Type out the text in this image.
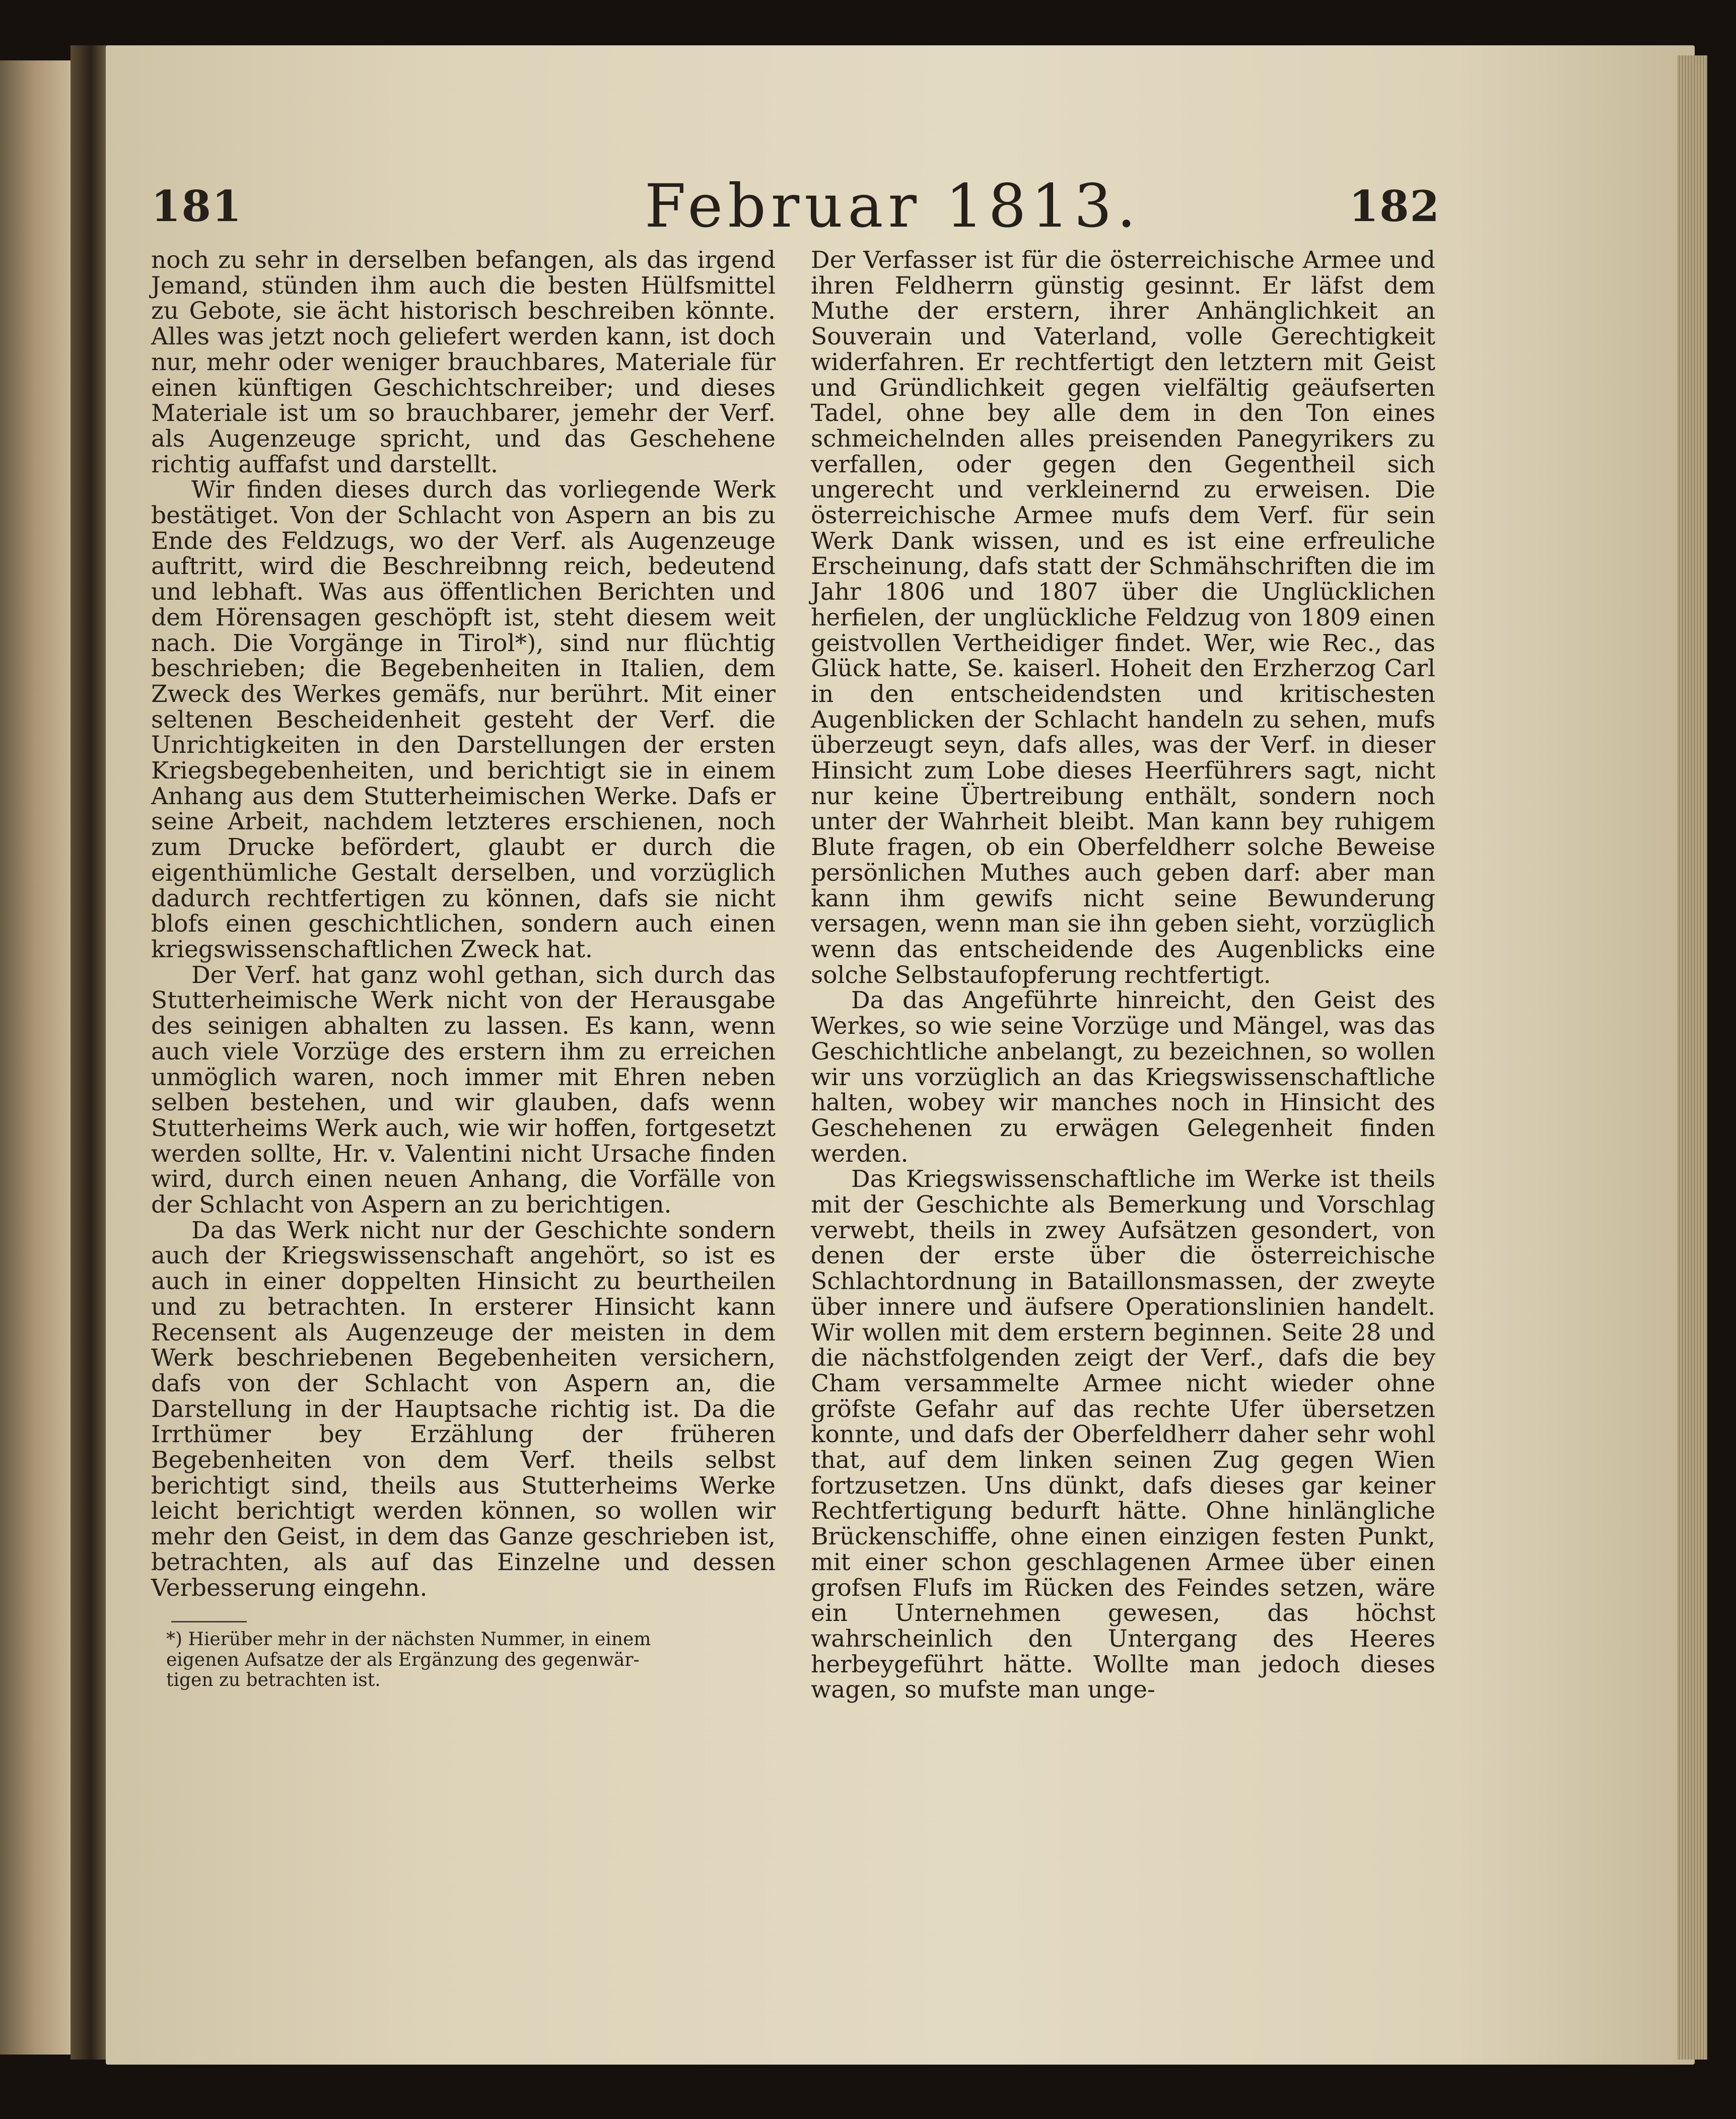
181	Februar 1813.	182

noch zu sehr in derselben befangen, als das irgend Jemand, stünden ihm auch die besten Hülfsmittel zu Gebote, sie ächt historisch beschreiben könnte. Alles was jetzt noch geliefert werden kann, ist doch nur, mehr oder weniger brauchbares, Materiale für einen künftigen Geschichtschreiber; und dieses Materiale ist um so brauchbarer, jemehr der Verf. als Augenzeuge spricht, und das Geschehene richtig auffafst und darstellt.

Wir finden dieses durch das vorliegende Werk bestätiget. Von der Schlacht von Aspern an bis zu Ende des Feldzugs, wo der Verf. als Augenzeuge auftritt, wird die Beschreibnng reich, bedeutend und lebhaft. Was aus öffentlichen Berichten und dem Hörensagen geschöpft ist, steht diesem weit nach. Die Vorgänge in Tirol*), sind nur flüchtig beschrieben; die Begebenheiten in Italien, dem Zweck des Werkes gemäfs, nur berührt. Mit einer seltenen Bescheidenheit gesteht der Verf. die Unrichtigkeiten in den Darstellungen der ersten Kriegsbegebenheiten, und berichtigt sie in einem Anhang aus dem Stutterheimischen Werke. Dafs er seine Arbeit, nachdem letzteres erschienen, noch zum Drucke befördert, glaubt er durch die eigenthümliche Gestalt derselben, und vorzüglich dadurch rechtfertigen zu können, dafs sie nicht blofs einen geschichtlichen, sondern auch einen kriegswissenschaftlichen Zweck hat.

Der Verf. hat ganz wohl gethan, sich durch das Stutterheimische Werk nicht von der Herausgabe des seinigen abhalten zu lassen. Es kann, wenn auch viele Vorzüge des erstern ihm zu erreichen unmöglich waren, noch immer mit Ehren neben selben bestehen, und wir glauben, dafs wenn Stutterheims Werk auch, wie wir hoffen, fortgesetzt werden sollte, Hr. v. Valentini nicht Ursache finden wird, durch einen neuen Anhang, die Vorfälle von der Schlacht von Aspern an zu berichtigen.

Da das Werk nicht nur der Geschichte sondern auch der Kriegswissenschaft angehört, so ist es auch in einer doppelten Hinsicht zu beurtheilen und zu betrachten. In ersterer Hinsicht kann Recensent als Augenzeuge der meisten in dem Werk beschriebenen Begebenheiten versichern, dafs von der Schlacht von Aspern an, die Darstellung in der Hauptsache richtig ist. Da die Irrthümer bey Erzählung der früheren Begebenheiten von dem Verf. theils selbst berichtigt sind, theils aus Stutterheims Werke leicht berichtigt werden können, so wollen wir mehr den Geist, in dem das Ganze geschrieben ist, betrachten, als auf das Einzelne und dessen Verbesserung eingehn.

*) Hierüber mehr in der nächsten Nummer, in einem
eigenen Aufsatze der als Ergänzung des gegenwär-
tigen zu betrachten ist.

Der Verfasser ist für die österreichische Armee und ihren Feldherrn günstig gesinnt. Er läfst dem Muthe der erstern, ihrer Anhänglichkeit an Souverain und Vaterland, volle Gerechtigkeit widerfahren. Er rechtfertigt den letztern mit Geist und Gründlichkeit gegen vielfältig geäufserten Tadel, ohne bey alle dem in den Ton eines schmeichelnden alles preisenden Panegyrikers zu verfallen, oder gegen den Gegentheil sich ungerecht und verkleinernd zu erweisen. Die österreichische Armee mufs dem Verf. für sein Werk Dank wissen, und es ist eine erfreuliche Erscheinung, dafs statt der Schmähschriften die im Jahr 1806 und 1807 über die Unglücklichen herfielen, der unglückliche Feldzug von 1809 einen geistvollen Vertheidiger findet. Wer, wie Rec., das Glück hatte, Se. kaiserl. Hoheit den Erzherzog Carl in den entscheidendsten und kritischesten Augenblicken der Schlacht handeln zu sehen, mufs überzeugt seyn, dafs alles, was der Verf. in dieser Hinsicht zum Lobe dieses Heerführers sagt, nicht nur keine Übertreibung enthält, sondern noch unter der Wahrheit bleibt. Man kann bey ruhigem Blute fragen, ob ein Oberfeldherr solche Beweise persönlichen Muthes auch geben darf: aber man kann ihm gewifs nicht seine Bewunderung versagen, wenn man sie ihn geben sieht, vorzüglich wenn das entscheidende des Augenblicks eine solche Selbstaufopferung rechtfertigt.

Da das Angeführte hinreicht, den Geist des Werkes, so wie seine Vorzüge und Mängel, was das Geschichtliche anbelangt, zu bezeichnen, so wollen wir uns vorzüglich an das Kriegswissenschaftliche halten, wobey wir manches noch in Hinsicht des Geschehenen zu erwägen Gelegenheit finden werden.

Das Kriegswissenschaftliche im Werke ist theils mit der Geschichte als Bemerkung und Vorschlag verwebt, theils in zwey Aufsätzen gesondert, von denen der erste über die österreichische Schlachtordnung in Bataillonsmassen, der zweyte über innere und äufsere Operationslinien handelt. Wir wollen mit dem erstern beginnen. Seite 28 und die nächstfolgenden zeigt der Verf., dafs die bey Cham versammelte Armee nicht wieder ohne gröfste Gefahr auf das rechte Ufer übersetzen konnte, und dafs der Oberfeldherr daher sehr wohl that, auf dem linken seinen Zug gegen Wien fortzusetzen. Uns dünkt, dafs dieses gar keiner Rechtfertigung bedurft hätte. Ohne hinlängliche Brückenschiffe, ohne einen einzigen festen Punkt, mit einer schon geschlagenen Armee über einen grofsen Flufs im Rücken des Feindes setzen, wäre ein Unternehmen gewesen, das höchst wahrscheinlich den Untergang des Heeres herbeygeführt hätte. Wollte man jedoch dieses wagen, so mufste man unge-
